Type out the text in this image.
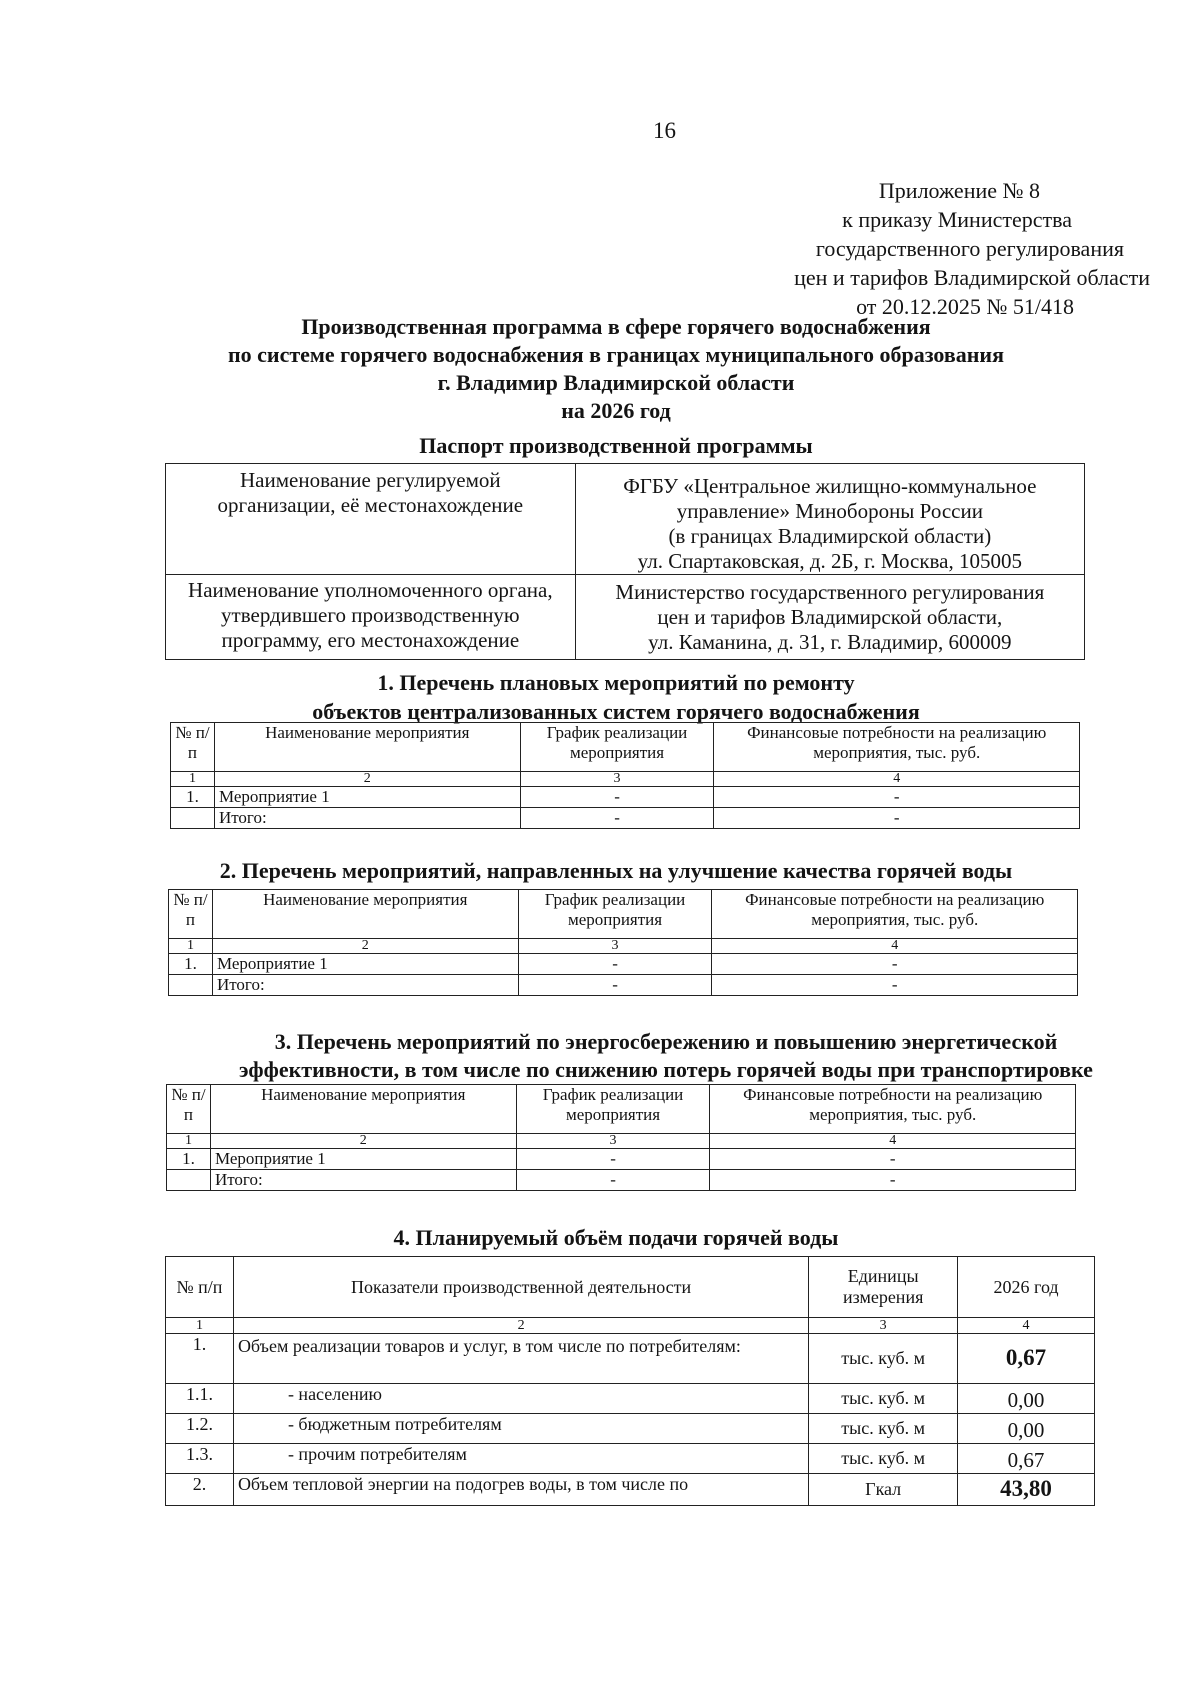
16
Приложение № 8
к приказу Министерства
государственного регулирования
цен и тарифов Владимирской области
от 20.12.2025 № 51/418
Производственная программа в сфере горячего водоснабжения
по системе горячего водоснабжения в границах муниципального образования
г. Владимир Владимирской области
на 2026 год
Паспорт производственной программы
Наименование регулируемой организации, её местонахождение	ФГБУ «Центральное жилищно-коммунальное
управление» Минобороны России
(в границах Владимирской области)
ул. Спартаковская, д. 2Б, г. Москва, 105005

Наименование уполномоченного органа, утвердившего производственную программу, его местонахождение	Министерство государственного регулирования
цен и тарифов Владимирской области,
ул. Каманина, д. 31, г. Владимир, 600009
1. Перечень плановых мероприятий по ремонту
объектов централизованных систем горячего водоснабжения
№ п/п	Наименование мероприятия	График реализации мероприятия	Финансовые потребности на реализацию мероприятия, тыс. руб.
1	2	3	4
1.	Мероприятие 1	-	-
	Итого:	-	-
2. Перечень мероприятий, направленных на улучшение качества горячей воды
№ п/п	Наименование мероприятия	График реализации мероприятия	Финансовые потребности на реализацию мероприятия, тыс. руб.
1	2	3	4
1.	Мероприятие 1	-	-
	Итого:	-	-
3. Перечень мероприятий по энергосбережению и повышению энергетической
эффективности, в том числе по снижению потерь горячей воды при транспортировке
№ п/п	Наименование мероприятия	График реализации мероприятия	Финансовые потребности на реализацию мероприятия, тыс. руб.
1	2	3	4
1.	Мероприятие 1	-	-
	Итого:	-	-
4. Планируемый объём подачи горячей воды
№ п/п	Показатели производственной деятельности	Единицы измерения	2026 год
1	2	3	4
1.	Объем реализации товаров и услуг, в том числе по потребителям:	тыс. куб. м	0,67
1.1.	- населению	тыс. куб. м	0,00
1.2.	- бюджетным потребителям	тыс. куб. м	0,00
1.3.	- прочим потребителям	тыс. куб. м	0,67
2.	Объем тепловой энергии на подогрев воды, в том числе по	Гкал	43,80
